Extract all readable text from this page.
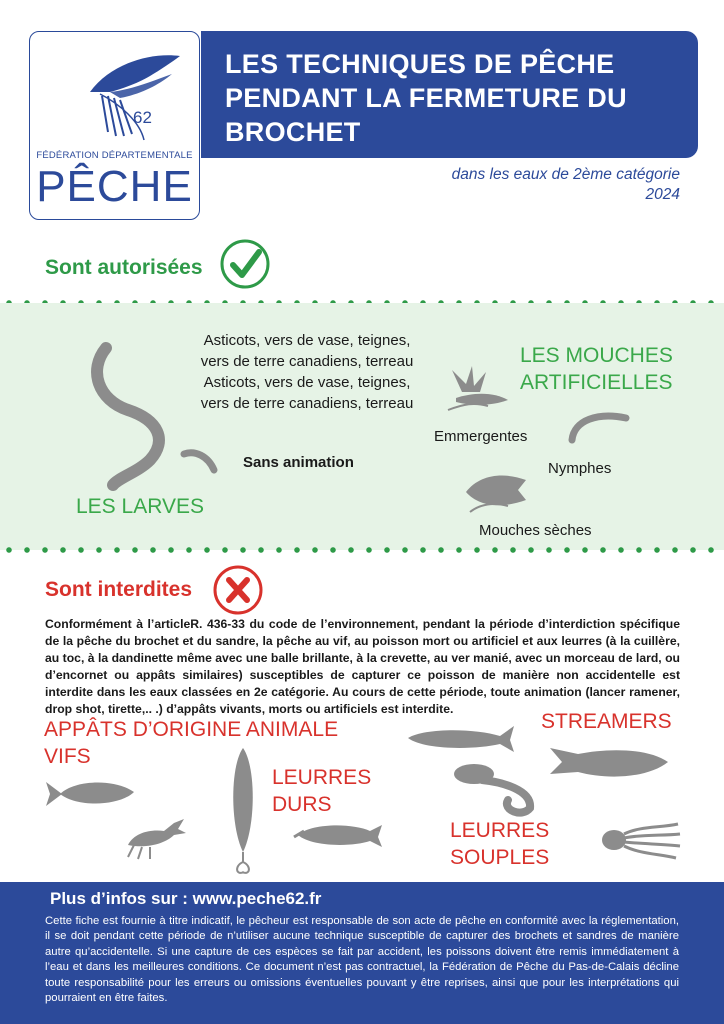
62
FÉDÉRATION DÉPARTEMENTALE
PÊCHE
LES TECHNIQUES DE PÊCHE
PENDANT LA FERMETURE DU
BROCHET
dans les eaux de 2ème catégorie
2024
Sont autorisées
Asticots, vers de vase, teignes, vers de terre canadiens, terreau Asticots, vers de vase, teignes, vers de terre canadiens, terreau
Sans animation
LES LARVES
LES MOUCHES
ARTIFICIELLES
Emmergentes
Nymphes
Mouches sèches
Sont interdites
Conformément à l’articleR. 436-33 du code de l’environnement, pendant la période d’interdiction spécifique de la pêche du brochet et du sandre, la pêche au vif, au poisson mort ou artificiel et aux leurres (à la cuillère, au toc, à la dandinette même avec une balle brillante, à la crevette, au ver manié, avec un morceau de lard, ou d’encornet ou appâts similaires) susceptibles de capturer ce poisson de manière non accidentelle est interdite dans les eaux classées en 2e catégorie. Au cours de cette période, toute animation (lancer ramener, drop shot, tirette,.. .) d’appâts vivants, morts ou artificiels est interdite.
APPÂTS D’ORIGINE ANIMALE
VIFS
LEURRES
DURS
STREAMERS
LEURRES
SOUPLES
Plus d’infos sur : www.peche62.fr
Cette fiche est fournie à titre indicatif, le pêcheur est responsable de son acte de pêche en conformité avec la réglementation, il se doit pendant cette période de n’utiliser aucune technique susceptible de capturer des brochets et sandres de manière autre qu’accidentelle. Si une capture de ces espèces se fait par accident, les poissons doivent être remis immédiatement à l’eau et dans les meilleures conditions. Ce document n’est pas contractuel, la Fédération de Pêche du Pas-de-Calais décline toute responsabilité pour les erreurs ou omissions éventuelles pouvant y être reprises, ainsi que pour les interprétations qui pourraient en être faites.
